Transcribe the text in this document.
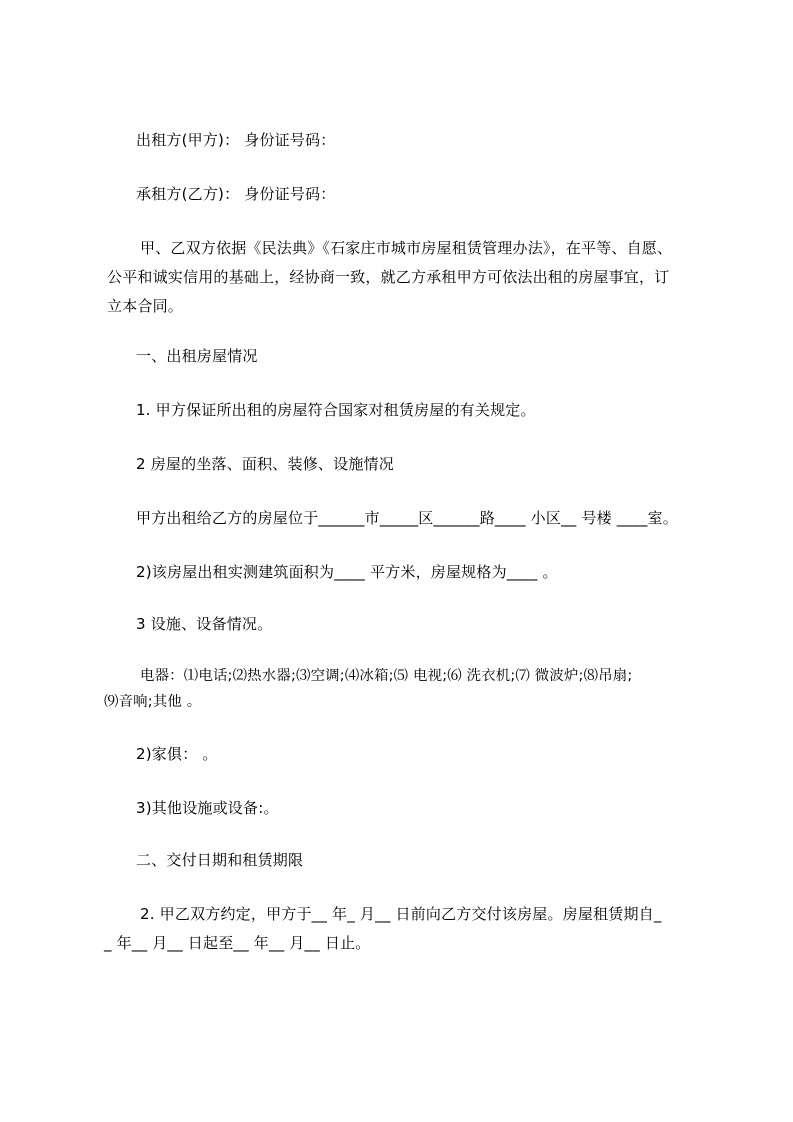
出租方(甲方)： 身份证号码：
承租方(乙方)： 身份证号码：
甲、乙双方依据《民法典》《石家庄市城市房屋租赁管理办法》，在平等、自愿、
公平和诚实信用的基础上，经协商一致，就乙方承租甲方可依法出租的房屋事宜，订
立本合同。
一、出租房屋情况
1. 甲方保证所出租的房屋符合国家对租赁房屋的有关规定。
2 房屋的坐落、面积、装修、设施情况
甲方出租给乙方的房屋位于______市_____区______路____ 小区__ 号楼 ____室。
2)该房屋出租实测建筑面积为____ 平方米，房屋规格为____ 。
3 设施、设备情况。
电器：⑴电话;⑵热水器;⑶空调;⑷冰箱;⑸ 电视;⑹ 洗衣机;⑺ 微波炉;⑻吊扇;
⑼音响;其他 。
2)家俱： 。
3)其他设施或设备:。
二、交付日期和租赁期限
2. 甲乙双方约定，甲方于__ 年_ 月__ 日前向乙方交付该房屋。房屋租赁期自_
_ 年__ 月__ 日起至__ 年__ 月__ 日止。
